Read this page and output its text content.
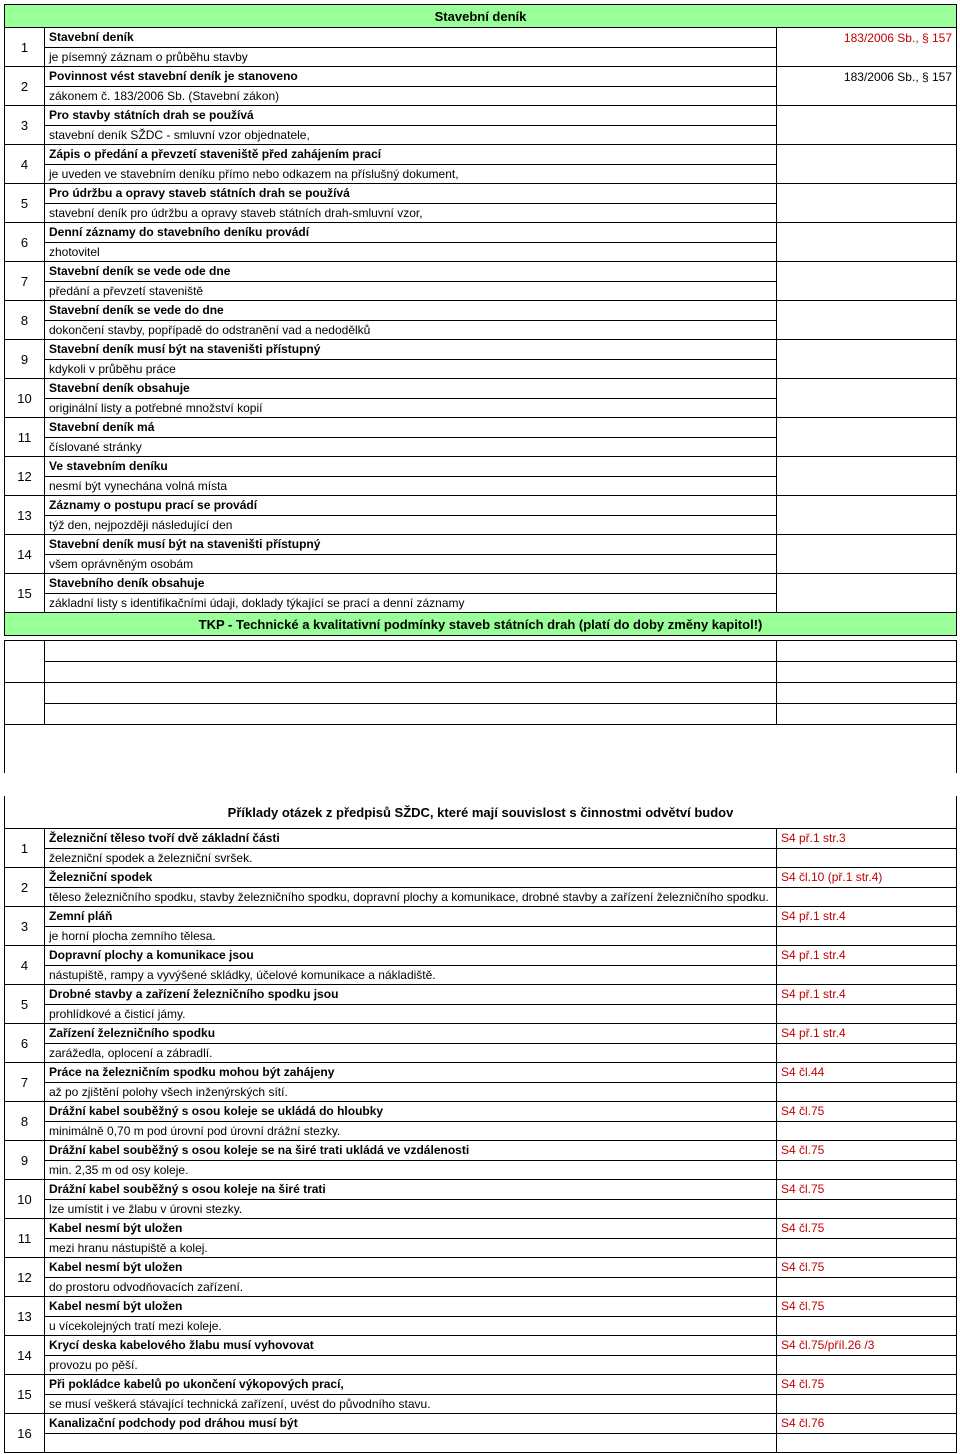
Stavební deník		
1	Stavební deník	183/2006 Sb., § 157
	je písemný záznam o průběhu stavby	
2	Povinnost vést stavební deník je stanoveno	183/2006 Sb., § 157
	zákonem č. 183/2006 Sb. (Stavební zákon)	
3	Pro stavby státních drah se používá	
	stavební deník SŽDC - smluvní vzor objednatele,	
4	Zápis o předání a převzetí staveniště před zahájením prací	
	je uveden ve stavebním deníku přímo nebo odkazem na příslušný dokument,	
5	Pro údržbu a opravy staveb státních drah se používá	
	stavební deník pro údržbu a opravy staveb státních drah-smluvní vzor,	
6	Denní záznamy do stavebního deníku provádí	
	zhotovitel	
7	Stavební deník se vede ode dne	
	předání a převzetí staveniště	
8	Stavební deník se vede do dne	
	dokončení stavby, popřípadě do odstranění vad a nedodělků	
9	Stavební deník musí být na staveništi přístupný	
	kdykoli v průběhu práce	
10	Stavební deník obsahuje	
	originální listy a potřebné množství kopií	
11	Stavební deník má	
	číslované stránky	
12	Ve stavebním deníku	
	nesmí být vynechána volná místa	
13	Záznamy o postupu prací se provádí	
	týž den, nejpozději následující den	
14	Stavební deník musí být na staveništi přístupný	
	všem oprávněným osobám	
15	Stavebního deník obsahuje	
	základní listy s identifikačními údaji, doklady týkající se prací a denní záznamy	
TKP - Technické a kvalitativní podmínky staveb státních drah (platí do doby změny kapitol!)		

Příklady otázek z předpisů SŽDC, které mají souvislost s činnostmi odvětví budov		
1	Železniční těleso tvoří dvě základní části	S4 př.1 str.3
	železniční spodek a železniční svršek.	
2	Železniční spodek	S4 čl.10 (př.1 str.4)
	těleso železničního spodku, stavby železničního spodku, dopravní plochy a komunikace, drobné stavby a zařízení železničního spodku.	
3	Zemní pláň	S4 př.1 str.4
	je horní plocha zemního tělesa.	
4	Dopravní plochy a komunikace jsou	S4 př.1 str.4
	nástupiště, rampy a vyvýšené skládky, účelové komunikace a nákladiště.	
5	Drobné stavby a zařízení železničního spodku jsou	S4 př.1 str.4
	prohlídkové a čisticí jámy.	
6	Zařízení železničního spodku	S4 př.1 str.4
	zarážedla, oplocení a zábradlí.	
7	Práce na železničním spodku mohou být zahájeny	S4 čl.44
	až po zjištění polohy všech inženýrských sítí.	
8	Drážní kabel souběžný s osou koleje se ukládá do hloubky	S4 čl.75
	minimálně 0,70 m pod úrovní pod úrovní drážní stezky.	
9	Drážní kabel souběžný s osou koleje se na širé trati ukládá ve vzdálenosti	S4 čl.75
	min. 2,35 m od osy koleje.	
10	Drážní kabel souběžný s osou koleje na širé trati	S4 čl.75
	lze umístit i ve žlabu v úrovni stezky.	
11	Kabel nesmí být uložen	S4 čl.75
	mezi hranu nástupiště a kolej.	
12	Kabel nesmí být uložen	S4 čl.75
	do prostoru odvodňovacích zařízení.	
13	Kabel nesmí být uložen	S4 čl.75
	u vícekolejných tratí mezi koleje.	
14	Krycí deska kabelového žlabu musí vyhovovat	S4 čl.75/příl.26 /3
	provozu po pěší.	
15	Při pokládce kabelů po ukončení výkopových prací,	S4 čl.75
	se musí veškerá stávající technická zařízení, uvést do původního stavu.	
16	Kanalizační podchody pod dráhou musí být	S4 čl.76
